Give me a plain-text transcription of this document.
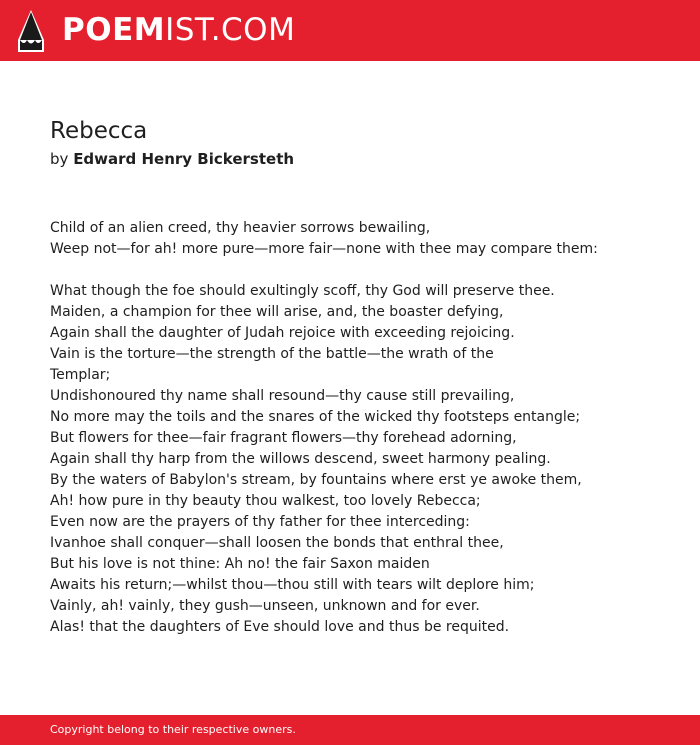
POEMIST.COM
Rebecca
by Edward Henry Bickersteth
Child of an alien creed, thy heavier sorrows bewailing,
Weep not—for ah! more pure—more fair—none with thee may compare them:
What though the foe should exultingly scoff, thy God will preserve thee.
Maiden, a champion for thee will arise, and, the boaster defying,
Again shall the daughter of Judah rejoice with exceeding rejoicing.
Vain is the torture—the strength of the battle—the wrath of the
Templar;
Undishonoured thy name shall resound—thy cause still prevailing,
No more may the toils and the snares of the wicked thy footsteps entangle;
But flowers for thee—fair fragrant flowers—thy forehead adorning,
Again shall thy harp from the willows descend, sweet harmony pealing.
By the waters of Babylon's stream, by fountains where erst ye awoke them,
Ah! how pure in thy beauty thou walkest, too lovely Rebecca;
Even now are the prayers of thy father for thee interceding:
Ivanhoe shall conquer—shall loosen the bonds that enthral thee,
But his love is not thine: Ah no! the fair Saxon maiden
Awaits his return;—whilst thou—thou still with tears wilt deplore him;
Vainly, ah! vainly, they gush—unseen, unknown and for ever.
Alas! that the daughters of Eve should love and thus be requited.
Copyright belong to their respective owners.
